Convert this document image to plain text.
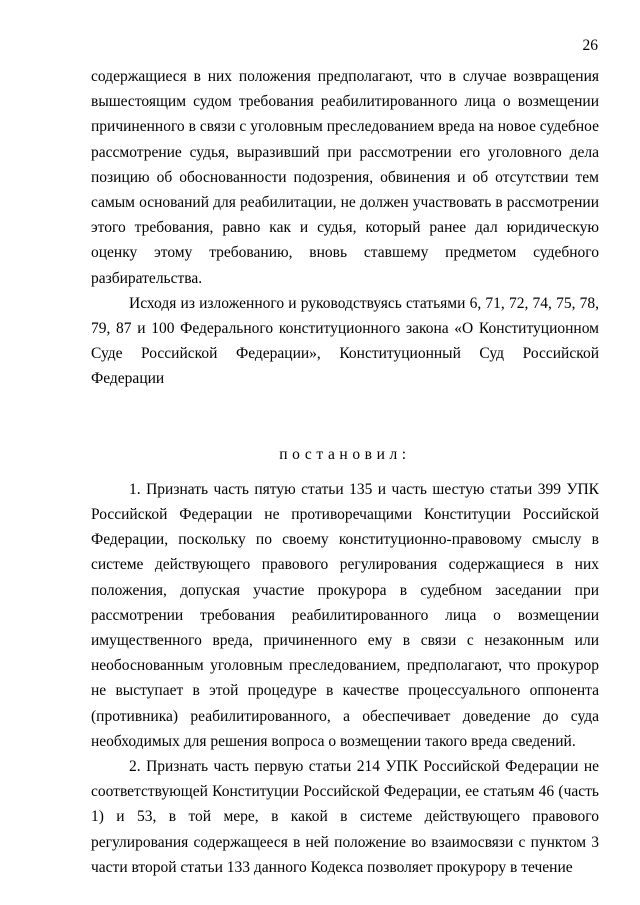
26

содержащиеся в них положения предполагают, что в случае возвращения вышестоящим судом требования реабилитированного лица о возмещении причиненного в связи с уголовным преследованием вреда на новое судебное рассмотрение судья, выразивший при рассмотрении его уголовного дела позицию об обоснованности подозрения, обвинения и об отсутствии тем самым оснований для реабилитации, не должен участвовать в рассмотрении этого требования, равно как и судья, который ранее дал юридическую оценку этому требованию, вновь ставшему предметом судебного разбирательства.

Исходя из изложенного и руководствуясь статьями 6, 71, 72, 74, 75, 78, 79, 87 и 100 Федерального конституционного закона «О Конституционном Суде Российской Федерации», Конституционный Суд Российской Федерации

постановил:

1. Признать часть пятую статьи 135 и часть шестую статьи 399 УПК Российской Федерации не противоречащими Конституции Российской Федерации, поскольку по своему конституционно-правовому смыслу в системе действующего правового регулирования содержащиеся в них положения, допуская участие прокурора в судебном заседании при рассмотрении требования реабилитированного лица о возмещении имущественного вреда, причиненного ему в связи с незаконным или необоснованным уголовным преследованием, предполагают, что прокурор не выступает в этой процедуре в качестве процессуального оппонента (противника) реабилитированного, а обеспечивает доведение до суда необходимых для решения вопроса о возмещении такого вреда сведений.

2. Признать часть первую статьи 214 УПК Российской Федерации не соответствующей Конституции Российской Федерации, ее статьям 46 (часть 1) и 53, в той мере, в какой в системе действующего правового регулирования содержащееся в ней положение во взаимосвязи с пунктом 3 части второй статьи 133 данного Кодекса позволяет прокурору в течение
